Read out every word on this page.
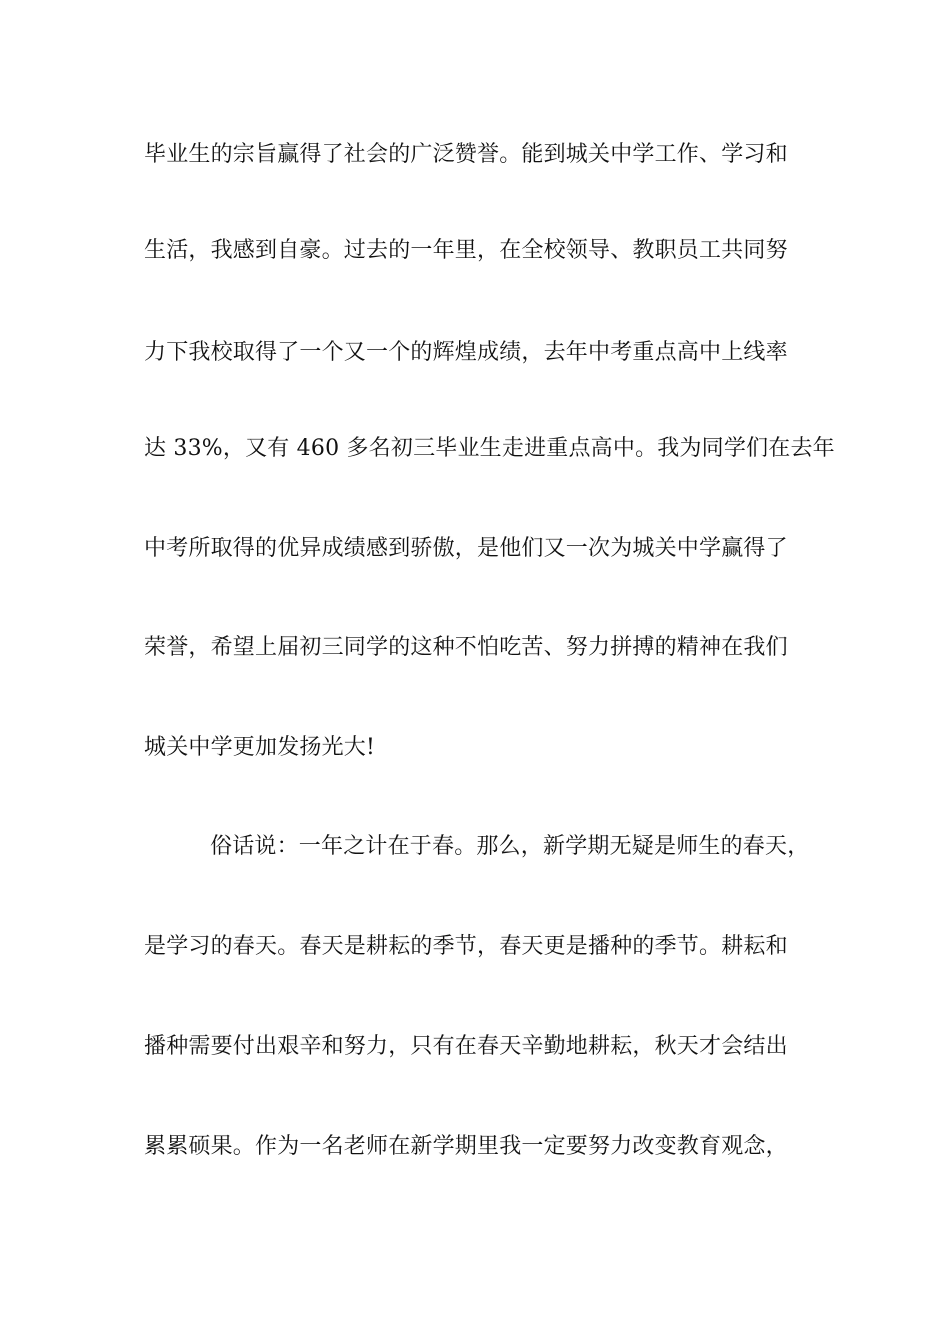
毕业生的宗旨赢得了社会的广泛赞誉。能到城关中学工作、学习和
生活，我感到自豪。过去的一年里，在全校领导、教职员工共同努
力下我校取得了一个又一个的辉煌成绩，去年中考重点高中上线率
达 33%，又有 460 多名初三毕业生走进重点高中。我为同学们在去年
中考所取得的优异成绩感到骄傲，是他们又一次为城关中学赢得了
荣誉，希望上届初三同学的这种不怕吃苦、努力拼搏的精神在我们
城关中学更加发扬光大!
俗话说：一年之计在于春。那么，新学期无疑是师生的春天，
是学习的春天。春天是耕耘的季节，春天更是播种的季节。耕耘和
播种需要付出艰辛和努力，只有在春天辛勤地耕耘，秋天才会结出
累累硕果。作为一名老师在新学期里我一定要努力改变教育观念，
